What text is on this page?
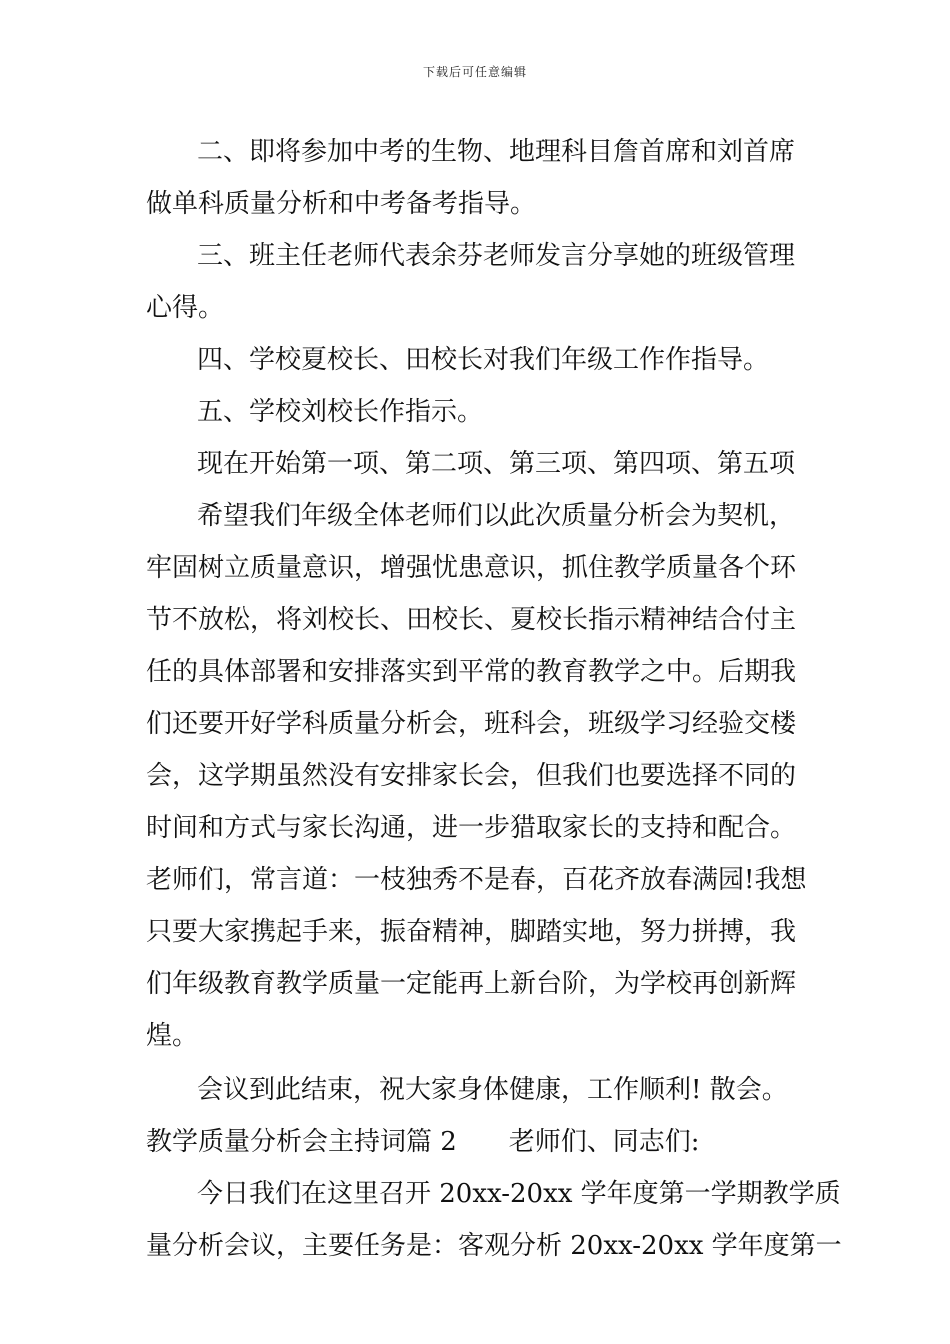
下载后可任意编辑
二、即将参加中考的生物、地理科目詹首席和刘首席
做单科质量分析和中考备考指导。
三、班主任老师代表余芬老师发言分享她的班级管理
心得。
四、学校夏校长、田校长对我们年级工作作指导。
五、学校刘校长作指示。
现在开始第一项、第二项、第三项、第四项、第五项
希望我们年级全体老师们以此次质量分析会为契机，
牢固树立质量意识，增强忧患意识，抓住教学质量各个环
节不放松，将刘校长、田校长、夏校长指示精神结合付主
任的具体部署和安排落实到平常的教育教学之中。后期我
们还要开好学科质量分析会，班科会，班级学习经验交楼
会，这学期虽然没有安排家长会，但我们也要选择不同的
时间和方式与家长沟通，进一步猎取家长的支持和配合。
老师们，常言道：一枝独秀不是春，百花齐放春满园!我想
只要大家携起手来，振奋精神，脚踏实地，努力拼搏，我
们年级教育教学质量一定能再上新台阶，为学校再创新辉
煌。
会议到此结束，祝大家身体健康，工作顺利! 散会。
教学质量分析会主持词篇 2　　老师们、同志们:
今日我们在这里召开 20xx-20xx 学年度第一学期教学质
量分析会议，主要任务是：客观分析 20xx-20xx 学年度第一
